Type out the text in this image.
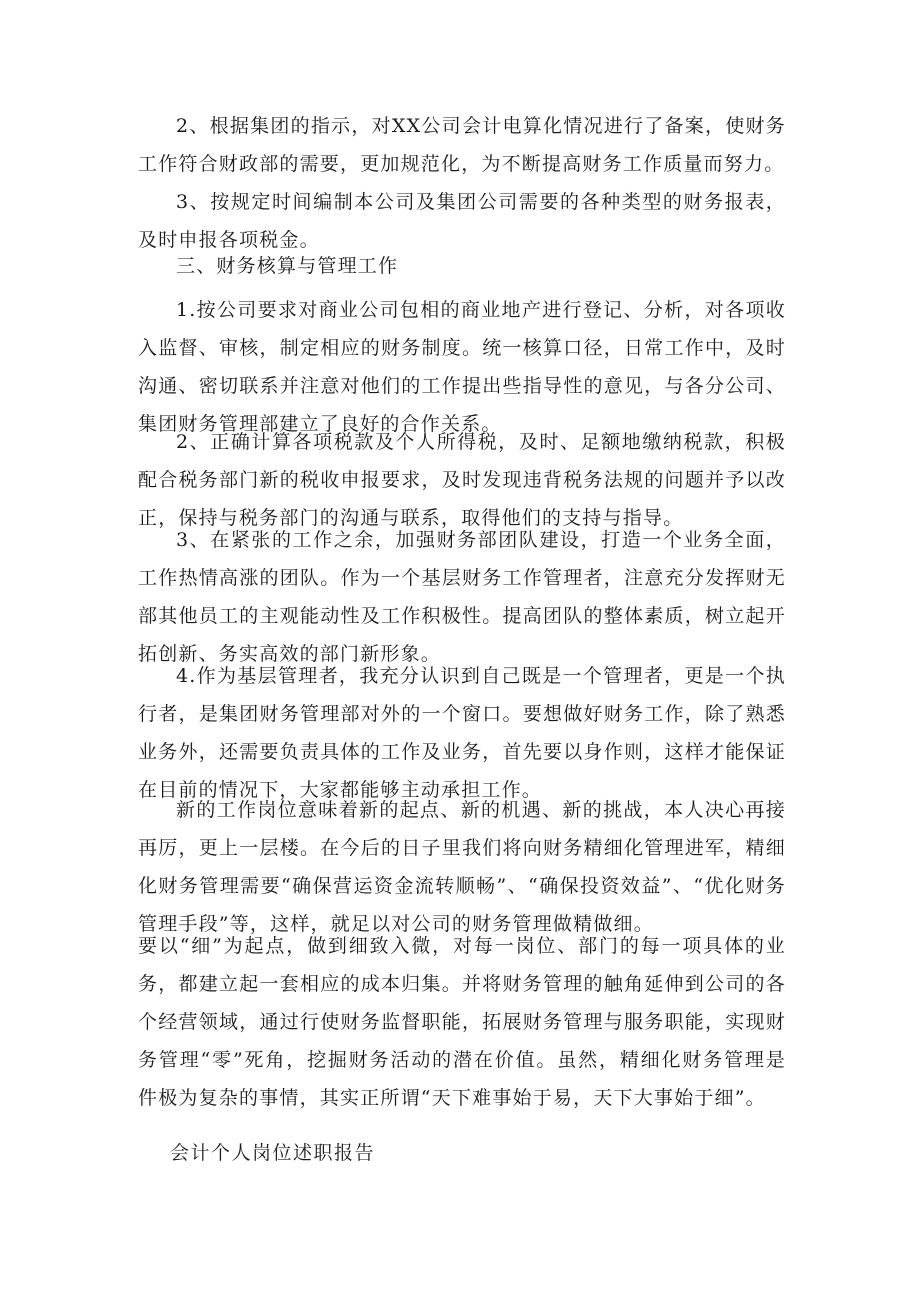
2、根据集团的指示，对XX公司会计电算化情况进行了备案，使财务工作符合财政部的需要，更加规范化，为不断提高财务工作质量而努力。

3、按规定时间编制本公司及集团公司需要的各种类型的财务报表，及时申报各项税金。

三、财务核算与管理工作

1.按公司要求对商业公司包相的商业地产进行登记、分析，对各项收入监督、审核，制定相应的财务制度。统一核算口径，日常工作中，及时沟通、密切联系并注意对他们的工作提出些指导性的意见，与各分公司、集团财务管理部建立了良好的合作关系。

2、正确计算各项税款及个人所得税，及时、足额地缴纳税款，积极配合税务部门新的税收申报要求，及时发现违背税务法规的问题并予以改正，保持与税务部门的沟通与联系，取得他们的支持与指导。

3、在紧张的工作之余，加强财务部团队建设，打造一个业务全面，工作热情高涨的团队。作为一个基层财务工作管理者，注意充分发挥财无部其他员工的主观能动性及工作积极性。提高团队的整体素质，树立起开拓创新、务实高效的部门新形象。

4.作为基层管理者，我充分认识到自己既是一个管理者，更是一个执行者，是集团财务管理部对外的一个窗口。要想做好财务工作，除了熟悉业务外，还需要负责具体的工作及业务，首先要以身作则，这样才能保证在目前的情况下，大家都能够主动承担工作。

新的工作岗位意味着新的起点、新的机遇、新的挑战，本人决心再接再厉，更上一层楼。在今后的日子里我们将向财务精细化管理进军，精细化财务管理需要“确保营运资金流转顺畅”、“确保投资效益”、“优化财务管理手段”等，这样，就足以对公司的财务管理做精做细。

要以“细”为起点，做到细致入微，对每一岗位、部门的每一项具体的业务，都建立起一套相应的成本归集。并将财务管理的触角延伸到公司的各个经营领域，通过行使财务监督职能，拓展财务管理与服务职能，实现财务管理“零”死角，挖掘财务活动的潜在价值。虽然，精细化财务管理是件极为复杂的事情，其实正所谓“天下难事始于易，天下大事始于细”。

会计个人岗位述职报告
